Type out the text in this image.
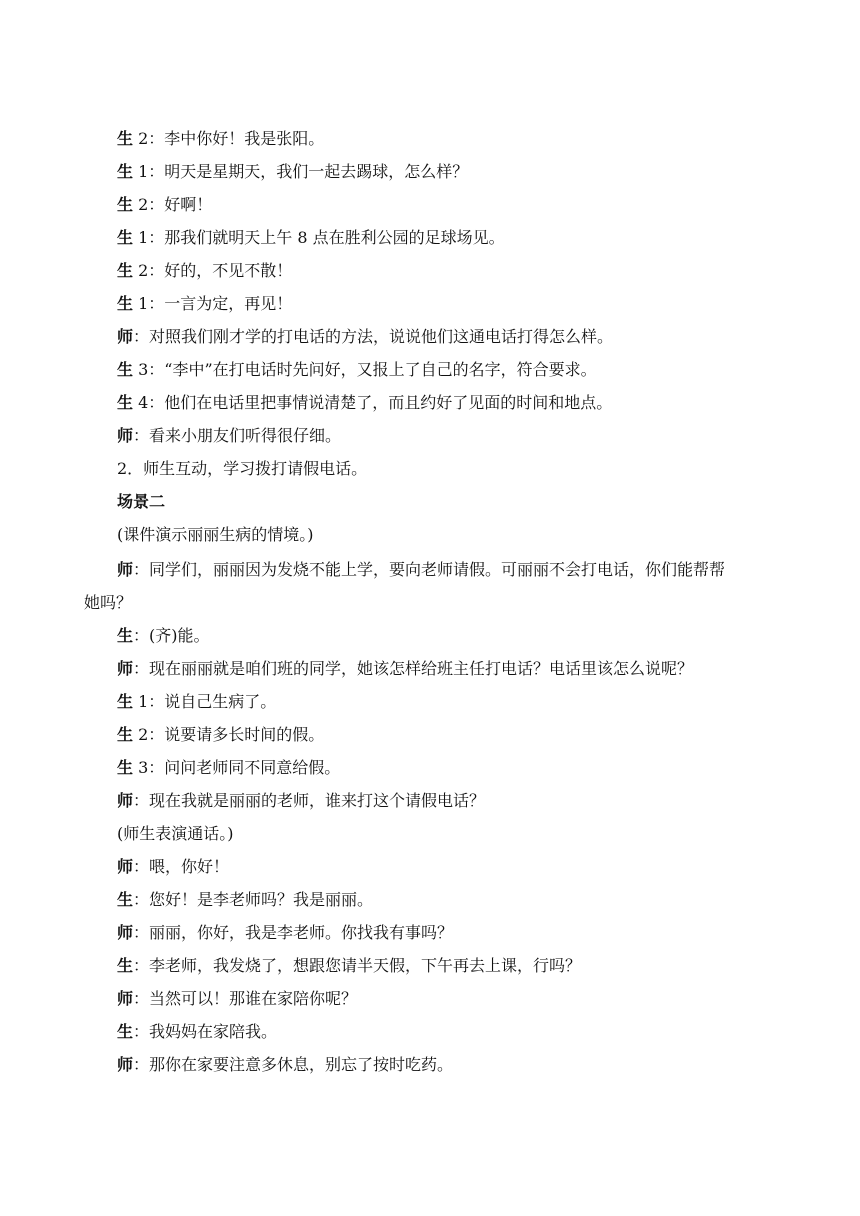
生 2：李中你好！我是张阳。
生 1：明天是星期天，我们一起去踢球，怎么样？
生 2：好啊！
生 1：那我们就明天上午 8 点在胜利公园的足球场见。
生 2：好的，不见不散！
生 1：一言为定，再见！
师：对照我们刚才学的打电话的方法，说说他们这通电话打得怎么样。
生 3：“李中”在打电话时先问好，又报上了自己的名字，符合要求。
生 4：他们在电话里把事情说清楚了，而且约好了见面的时间和地点。
师：看来小朋友们听得很仔细。
2．师生互动，学习拨打请假电话。
场景二
(课件演示丽丽生病的情境。)
师：同学们，丽丽因为发烧不能上学，要向老师请假。可丽丽不会打电话，你们能帮帮
她吗？
生：(齐)能。
师：现在丽丽就是咱们班的同学，她该怎样给班主任打电话？电话里该怎么说呢？
生 1：说自己生病了。
生 2：说要请多长时间的假。
生 3：问问老师同不同意给假。
师：现在我就是丽丽的老师，谁来打这个请假电话？
(师生表演通话。)
师：喂，你好！
生：您好！是李老师吗？我是丽丽。
师：丽丽，你好，我是李老师。你找我有事吗？
生：李老师，我发烧了，想跟您请半天假，下午再去上课，行吗？
师：当然可以！那谁在家陪你呢？
生：我妈妈在家陪我。
师：那你在家要注意多休息，别忘了按时吃药。
